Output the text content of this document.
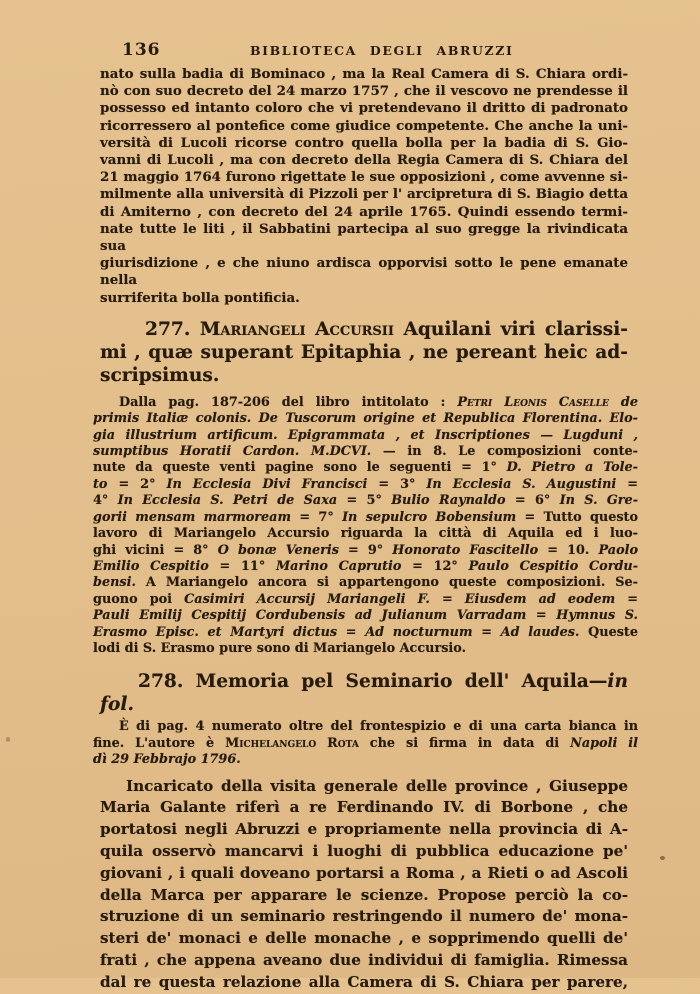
136	BIBLIOTECA DEGLI ABRUZZI
nato sulla badia di Bominaco , ma la Real Camera di S. Chiara ordi-
nò con suo decreto del 24 marzo 1757 , che il vescovo ne prendesse il
possesso ed intanto coloro che vi pretendevano il dritto di padronato
ricorressero al pontefice come giudice competente. Che anche la uni-
versità di Lucoli ricorse contro quella bolla per la badia di S. Gio-
vanni di Lucoli , ma con decreto della Regia Camera di S. Chiara del
21 maggio 1764 furono rigettate le sue opposizioni , come avvenne si-
milmente alla università di Pizzoli per l' arcipretura di S. Biagio detta
di Amiterno , con decreto del 24 aprile 1765. Quindi essendo termi-
nate tutte le liti , il Sabbatini partecipa al suo gregge la rivindicata sua
giurisdizione , e che niuno ardisca opporvisi sotto le pene emanate nella
surriferita bolla pontificia.
277. Mariangeli Accursii Aquilani viri clarissi-
mi , quæ superant Epitaphia , ne pereant heic ad-
scripsimus.
Dalla pag. 187-206 del libro intitolato : Petri Leonis Caselle de
primis Italiæ colonis. De Tuscorum origine et Republica Florentina. Elo-
gia illustrium artificum. Epigrammata , et Inscriptiones — Lugduni ,
sumptibus Horatii Cardon. M.DCVI. — in 8. Le composizioni conte-
nute da queste venti pagine sono le seguenti = 1° D. Pietro a Tole-
to = 2° In Ecclesia Divi Francisci = 3° In Ecclesia S. Augustini =
4° In Ecclesia S. Petri de Saxa = 5° Bulio Raynaldo = 6° In S. Gre-
gorii mensam marmoream = 7° In sepulcro Bobensium = Tutto questo
lavoro di Mariangelo Accursio riguarda la città di Aquila ed i luo-
ghi vicini = 8° O bonæ Veneris = 9° Honorato Fascitello = 10. Paolo
Emilio Cespitio = 11° Marino Caprutio = 12° Paulo Cespitio Cordu-
bensi. A Mariangelo ancora si appartengono queste composizioni. Se-
guono poi Casimiri Accursij Mariangeli F. = Eiusdem ad eodem =
Pauli Emilij Cespitij Cordubensis ad Julianum Varradam = Hymnus S.
Erasmo Episc. et Martyri dictus = Ad nocturnum = Ad laudes. Queste
lodi di S. Erasmo pure sono di Mariangelo Accursio.
278. Memoria pel Seminario dell' Aquila—in fol.
È di pag. 4 numerato oltre del frontespizio e di una carta bianca in
fine. L'autore è Michelangelo Rota che si firma in data di Napoli il
dì 29 Febbrajo 1796.
Incaricato della visita generale delle province , Giuseppe
Maria Galante riferì a re Ferdinando IV. di Borbone , che
portatosi negli Abruzzi e propriamente nella provincia di A-
quila osservò mancarvi i luoghi di pubblica educazione pe'
giovani , i quali doveano portarsi a Roma , a Rieti o ad Ascoli
della Marca per apparare le scienze. Propose perciò la co-
struzione di un seminario restringendo il numero de' mona-
steri de' monaci e delle monache , e sopprimendo quelli de'
frati , che appena aveano due individui di famiglia. Rimessa
dal re questa relazione alla Camera di S. Chiara per parere,
